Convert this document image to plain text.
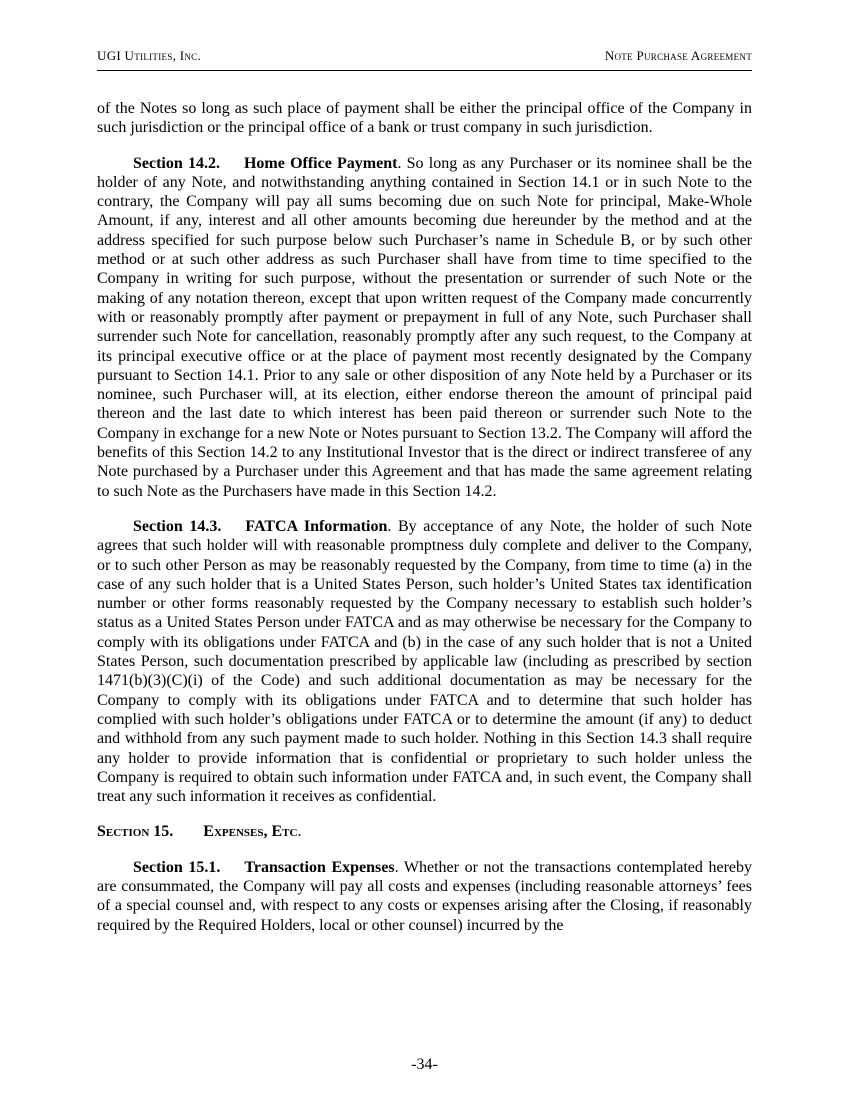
UGI Utilities, Inc.	Note Purchase Agreement

of the Notes so long as such place of payment shall be either the principal office of the Company in such jurisdiction or the principal office of a bank or trust company in such jurisdiction.

Section 14.2. Home Office Payment. So long as any Purchaser or its nominee shall be the holder of any Note, and notwithstanding anything contained in Section 14.1 or in such Note to the contrary, the Company will pay all sums becoming due on such Note for principal, Make-Whole Amount, if any, interest and all other amounts becoming due hereunder by the method and at the address specified for such purpose below such Purchaser’s name in Schedule B, or by such other method or at such other address as such Purchaser shall have from time to time specified to the Company in writing for such purpose, without the presentation or surrender of such Note or the making of any notation thereon, except that upon written request of the Company made concurrently with or reasonably promptly after payment or prepayment in full of any Note, such Purchaser shall surrender such Note for cancellation, reasonably promptly after any such request, to the Company at its principal executive office or at the place of payment most recently designated by the Company pursuant to Section 14.1. Prior to any sale or other disposition of any Note held by a Purchaser or its nominee, such Purchaser will, at its election, either endorse thereon the amount of principal paid thereon and the last date to which interest has been paid thereon or surrender such Note to the Company in exchange for a new Note or Notes pursuant to Section 13.2. The Company will afford the benefits of this Section 14.2 to any Institutional Investor that is the direct or indirect transferee of any Note purchased by a Purchaser under this Agreement and that has made the same agreement relating to such Note as the Purchasers have made in this Section 14.2.

Section 14.3. FATCA Information. By acceptance of any Note, the holder of such Note agrees that such holder will with reasonable promptness duly complete and deliver to the Company, or to such other Person as may be reasonably requested by the Company, from time to time (a) in the case of any such holder that is a United States Person, such holder’s United States tax identification number or other forms reasonably requested by the Company necessary to establish such holder’s status as a United States Person under FATCA and as may otherwise be necessary for the Company to comply with its obligations under FATCA and (b) in the case of any such holder that is not a United States Person, such documentation prescribed by applicable law (including as prescribed by section 1471(b)(3)(C)(i) of the Code) and such additional documentation as may be necessary for the Company to comply with its obligations under FATCA and to determine that such holder has complied with such holder’s obligations under FATCA or to determine the amount (if any) to deduct and withhold from any such payment made to such holder. Nothing in this Section 14.3 shall require any holder to provide information that is confidential or proprietary to such holder unless the Company is required to obtain such information under FATCA and, in such event, the Company shall treat any such information it receives as confidential.

Section 15. Expenses, Etc.

Section 15.1. Transaction Expenses. Whether or not the transactions contemplated hereby are consummated, the Company will pay all costs and expenses (including reasonable attorneys’ fees of a special counsel and, with respect to any costs or expenses arising after the Closing, if reasonably required by the Required Holders, local or other counsel) incurred by the

-34-
